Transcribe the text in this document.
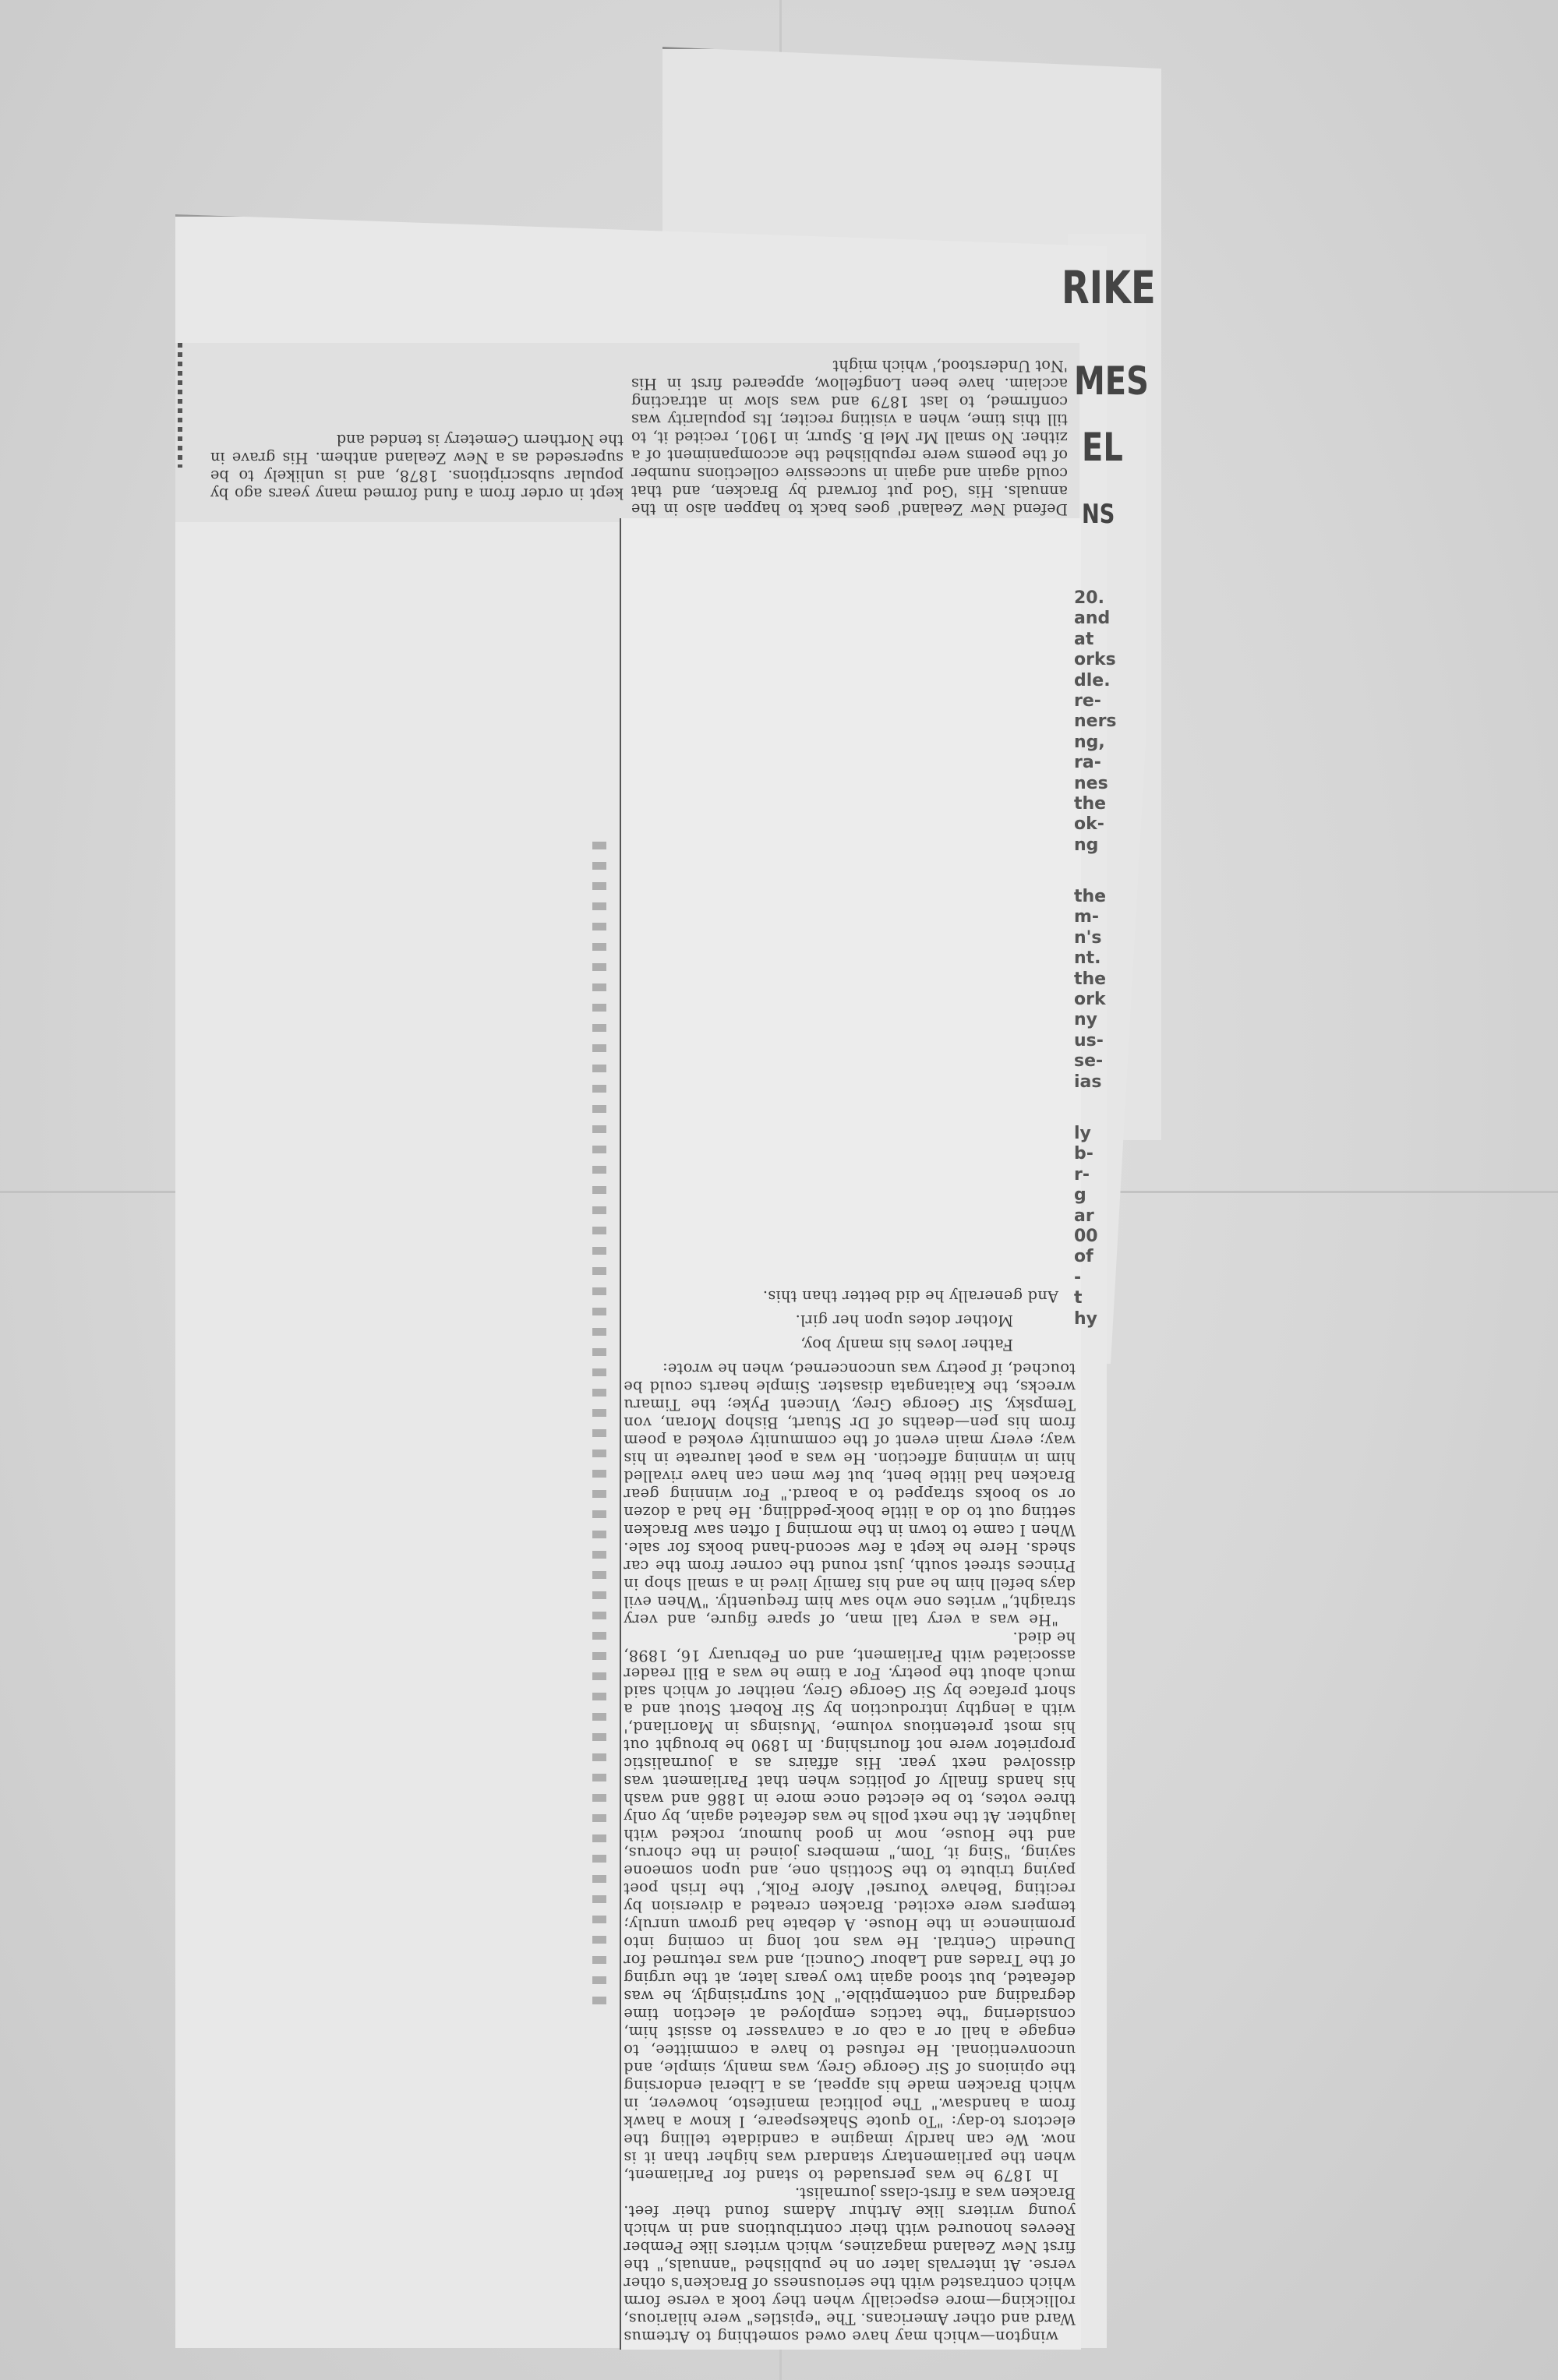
RIKE
MES
EL
NS
20.
and
at
orks
dle.
re-
ners
ng,
ra-
nes
the
ok-
ng
the
m-
n's
nt.
the
ork
ny
us-
se-
ias
ly
b-
r-
g
ar
00
of
-
t
hy
kept in order from a fund formed many years ago by popular subscriptions. 1878, and is unlikely to be superseded as a New Zealand anthem. His grave in the Northern Cemetery is tended and
Defend New Zealand' goes back to happen also in the annuals. His 'God put forward by Bracken, and that could again and again in successive collections number of the poems were republished the accompaniment of a zither. No small Mr Mel B. Spurr, in 1901, recited it, to till this time, when a visiting reciter, Its popularity was confirmed, to last 1879 and was slow in attracting acclaim. have been Longfellow, appeared first in His 'Not Understood,' which might

wington—which may have owed something to Artemus Ward and other Americans. The "epistles" were hilarious, rollicking—more especially when they took a verse form which contrasted with the seriousness of Bracken's other verse. At intervals later on he published "annuals," the first New Zealand magazines, which writers like Pember Reeves honoured with their contributions and in which young writers like Arthur Adams found their feet. Bracken was a first-class journalist.

In 1879 he was persuaded to stand for Parliament, when the parliamentary standard was higher than it is now. We can hardly imagine a candidate telling the electors to-day: "To quote Shakespeare, I know a hawk from a handsaw." The political manifesto, however, in which Bracken made his appeal, as a Liberal endorsing the opinions of Sir George Grey, was manly, simple, and unconventional. He refused to have a committee, to engage a hall or a cab or a canvasser to assist him, considering "the tactics employed at election time degrading and contemptible." Not surprisingly, he was defeated, but stood again two years later, at the urging of the Trades and Labour Council, and was returned for Dunedin Central. He was not long in coming into prominence in the House. A debate had grown unruly; tempers were excited. Bracken created a diversion by reciting 'Behave Yoursel' Afore Folk,' the Irish poet paying tribute to the Scottish one, and upon someone saying, "Sing it, Tom," members joined in the chorus, and the House, now in good humour, rocked with laughter. At the next polls he was defeated again, by only three votes, to be elected once more in 1886 and wash his hands finally of politics when that Parliament was dissolved next year. His affairs as a journalistic proprietor were not flourishing. In 1890 he brought out his most pretentious volume, 'Musings in Maoriland,' with a lengthy introduction by Sir Robert Stout and a short preface by Sir George Grey, neither of which said much about the poetry. For a time he was a Bill reader associated with Parliament, and on February 16, 1898, he died.

"He was a very tall man, of spare figure, and very straight," writes one who saw him frequently. "When evil days befell him he and his family lived in a small shop in Princes street south, just round the corner from the car sheds. Here he kept a few second-hand books for sale. When I came to town in the morning I often saw Bracken setting out to do a little book-peddling. He had a dozen or so books strapped to a board." For winning gear Bracken had little bent, but few men can have rivalled him in winning affection. He was a poet laureate in his way; every main event of the community evoked a poem from his pen—deaths of Dr Stuart, Bishop Moran, von Tempsky, Sir George Grey, Vincent Pyke; the Timaru wrecks, the Kaitangata disaster. Simple hearts could be touched, if poetry was unconcerned, when he wrote:

Father loves his manly boy,

Mother dotes upon her girl.

And generally he did better than this.
